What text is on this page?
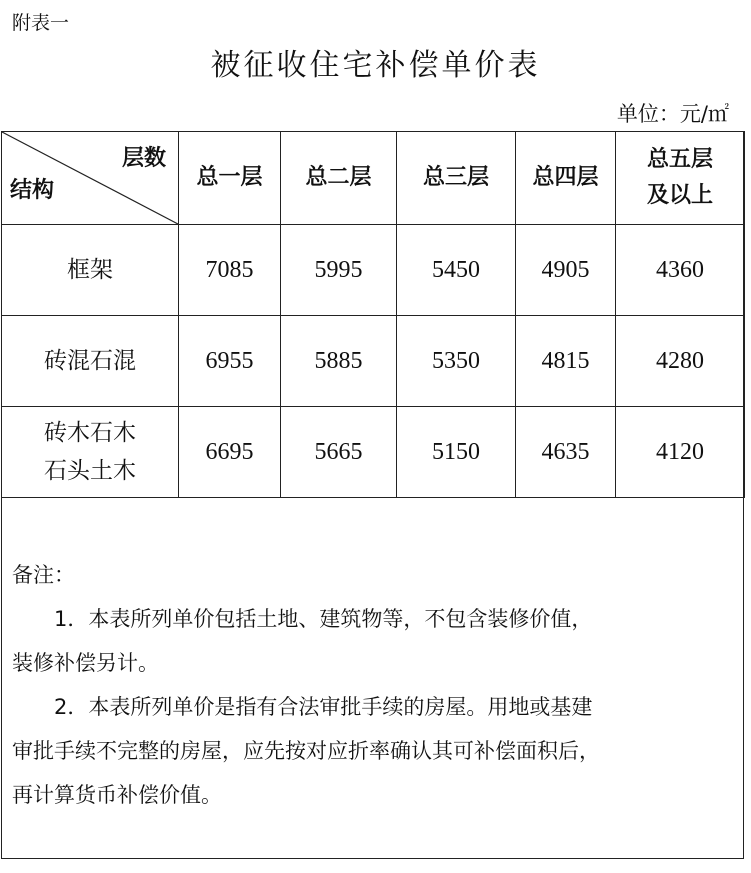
附表一
被征收住宅补偿单价表
单位：元/㎡
层数
结构	总一层	总二层	总三层	总四层	总五层
及以上

框架	7085	5995	5450	4905	4360

砖混石混	6955	5885	5350	4815	4280

砖木石木
石头土木	6695	5665	5150	4635	4120

备注：

1．本表所列单价包括土地、建筑物等，不包含装修价值，

装修补偿另计。

2．本表所列单价是指有合法审批手续的房屋。用地或基建

审批手续不完整的房屋，应先按对应折率确认其可补偿面积后，

再计算货币补偿价值。
